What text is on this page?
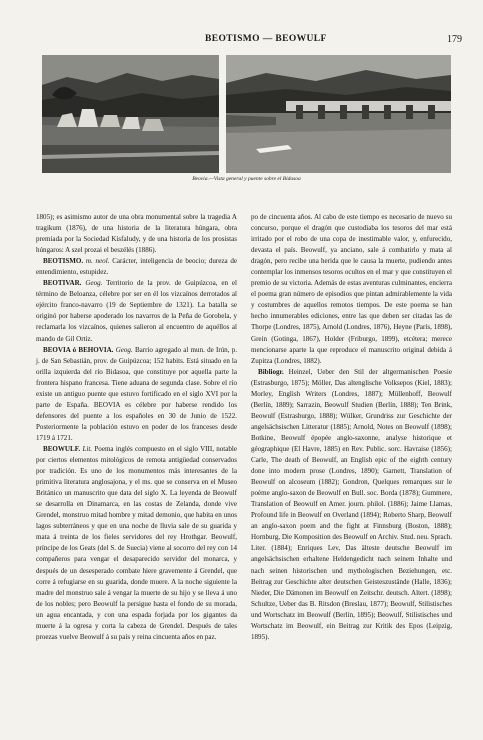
BEOTISMO — BEOWULF	179
Beovia.—Vista general y puente sobre el Bidasoa

1805); es asimismo autor de una obra monumental sobre la tragedia A tragikum (1876), de una historia de la literatura húngara, obra premiada por la Sociedad Kisfaludy, y de una historia de los prosistas húngaros: A szel prozai el beszélés (1886).

BEOTISMO. m. neol. Carácter, inteligencia de beocio; dureza de entendimiento, estupidez.

BEOTIVAR. Geog. Territorio de la prov. de Guipúzcoa, en el término de Beloanza, célebre por ser en él los vizcaínos derrotados al ejército franco-navarro (19 de Septiembre de 1321). La batalla se originó por haberse apoderado los navarros de la Peña de Gorobela, y reclamarla los vizcaínos, quienes salieron al encuentro de aquéllos al mando de Gil Ortiz.

BEOVIA ó BEHOVIA. Geog. Barrio agregado al mun. de Irún, p. j. de San Sebastián, prov. de Guipúzcoa; 152 habits. Está situado en la orilla izquierda del río Bidasoa, que constituye por aquella parte la frontera hispano francesa. Tiene aduana de segunda clase. Sobre el río existe un antiguo puente que estuvo fortificado en el siglo XVI por la parte de España. BEOVIA es célebre por haberse rendido los defensores del puente a los españoles en 30 de Junio de 1522. Posteriormente la población estuvo en poder de los franceses desde 1719 á 1721.

BEOWULF. Lit. Poema inglés compuesto en el siglo VIII, notable por ciertos elementos mitológicos de remota antigüedad conservados por tradición. Es uno de los monumentos más interesantes de la primitiva literatura anglosajona, y el ms. que se conserva en el Museo Británico un manuscrito que data del siglo X. La leyenda de Beowulf se desarrolla en Dinamarca, en las costas de Zelanda, donde vive Grendel, monstruo mitad hombre y mitad demonio, que habita en unos lagos subterráneos y que en una noche de lluvia sale de su guarida y mata á treinta de los fieles servidores del rey Hrothgar. Beowulf, príncipe de los Geats (del S. de Suecia) viene al socorro del rey con 14 compañeros para vengar el desaparecido servidor del monarca, y después de un desesperado combate hiere gravemente á Grendel, que corre á refugiarse en su guarida, donde muere. A la noche siguiente la madre del monstruo sale á vengar la muerte de su hijo y se lleva á uno de los nobles; pero Beowulf la persigue hasta el fondo de su morada, un agua encantada, y con una espada forjada por los gigantes da muerte á la ogresa y corta la cabeza de Grendel. Después de tales proezas vuelve Beowulf á su país y reina cincuenta años en paz.

po de cincuenta años. Al cabo de este tiempo es necesario de nuevo su concurso, porque el dragón que custodiaba los tesoros del mar está irritado por el robo de una copa de inestimable valor, y, enfurecido, devasta el país. Beowulf, ya anciano, sale á combatirlo y mata al dragón, pero recibe una herida que le causa la muerte, pudiendo antes contemplar los inmensos tesoros ocultos en el mar y que constituyen el premio de su victoria. Además de estas aventuras culminantes, encierra el poema gran número de episodios que pintan admirablemente la vida y costumbres de aquellos remotos tiempos. De este poema se han hecho innumerables ediciones, entre las que deben ser citadas las de Thorpe (Londres, 1875), Arnold (Londres, 1876), Heyne (París, 1898), Grein (Gotinga, 1867), Holder (Friburgo, 1899), etcétera; merece mencionarse aparte la que reproduce el manuscrito original debida á Zupitza (Londres, 1882).

Bibliogr. Heinzel, Ueber den Stil der altgermanischen Poesie (Estrasburgo, 1875); Möller, Das altenglische Volksepos (Kiel, 1883); Morley, English Writers (Londres, 1887); Müllenhoff, Beowulf (Berlín, 1889); Sarrazin, Beowulf Studien (Berlín, 1888); Ten Brink, Beowulf (Estrasburgo, 1888); Wülker, Grundriss zur Geschichte der angelsächsischen Litteratur (1885); Arnold, Notes on Beowulf (1898); Botkine, Beowulf épopée anglo-saxonne, analyse historique et géographique (El Havre, 1885) en Rev. Public. sorc. Havraise (1856); Carle, The death of Beowulf, an English epic of the eighth century done into modern prose (Londres, 1890); Garnett, Translation of Beowulf on alcoseum (1882); Gondron, Quelques remarques sur le poème anglo-saxon de Beowulf en Bull. soc. Borda (1878); Gummere, Translation of Beowulf en Amer. journ. philol. (1886); Jaime Llamas, Profound life in Beowulf en Overland (1894); Roberto Sharp, Beowulf an anglo-saxon poem and the fight at Finnsburg (Boston, 1888); Hornburg, Die Komposition des Beowulf en Archiv. Stud. neu. Sprach. Liter. (1884); Enriques Lev, Das älteste deutsche Beowulf im angelsächsischen erhaltene Heldengedicht nach seinem Inhalte und nach seinen historischen und mythologischen Beziehungen, etc. Beitrag zur Geschichte alter deutschen Geisteszustände (Halle, 1836); Nieder, Die Dämonen im Beowulf en Zeitschr. deutsch. Altert. (1898); Schultze, Ueber das B. Ritsdon (Breslau, 1877); Beowulf, Stilistisches und Wortschatz im Beowulf (Berlín, 1895); Beowulf, Stilistisches und Wortschatz im Beowulf, ein Beitrag zur Kritik des Epos (Leipzig, 1895).
